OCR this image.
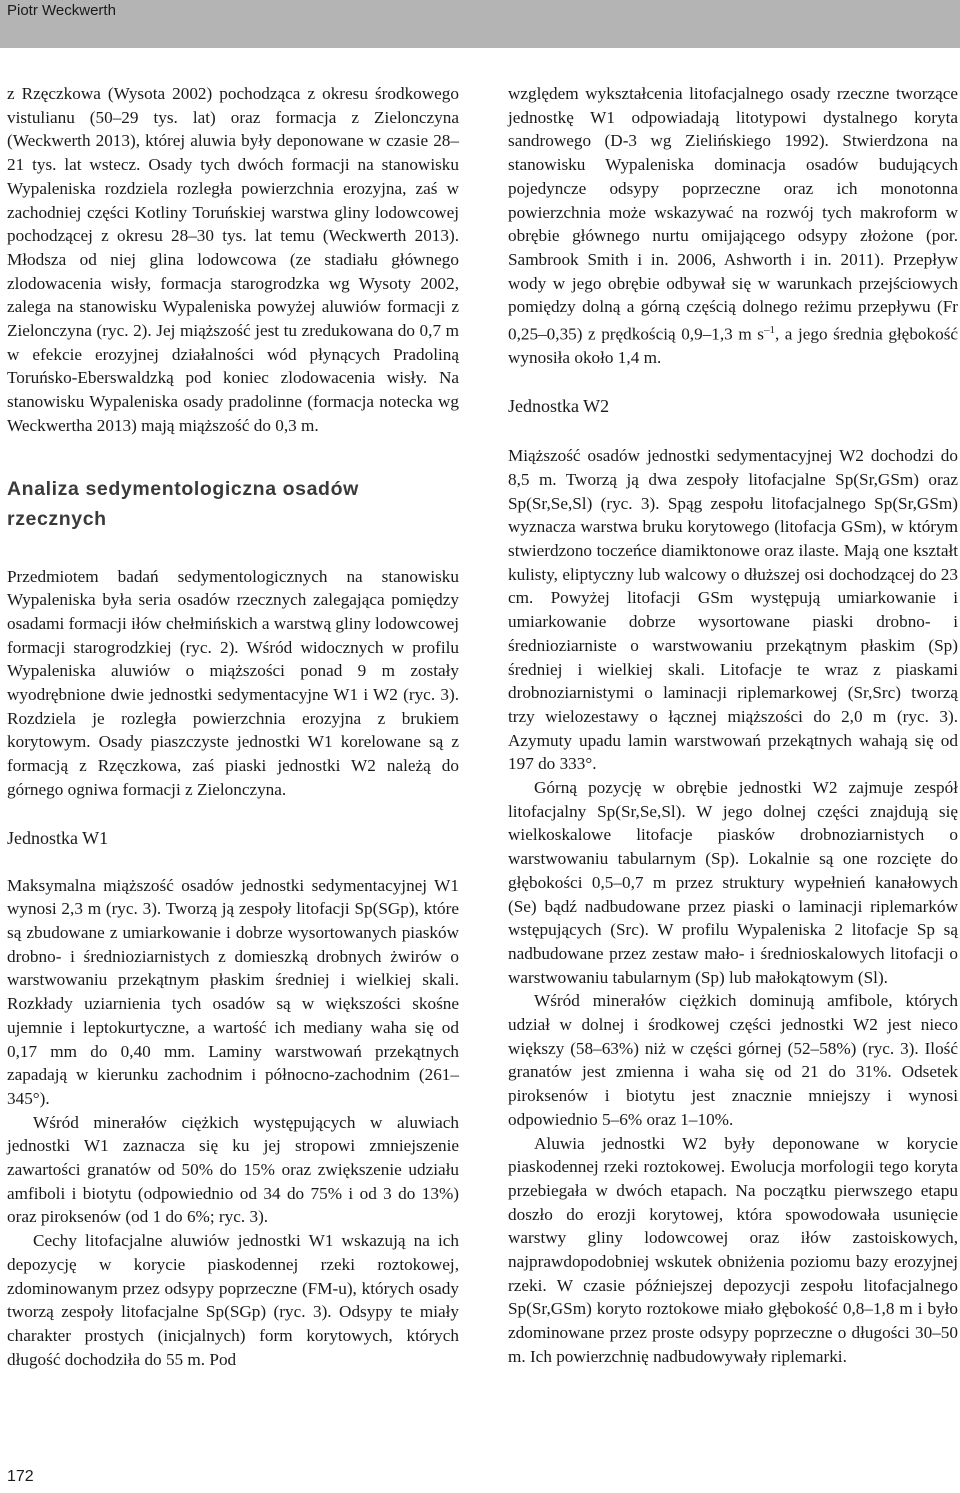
Piotr Weckwerth

z Rzęczkowa (Wysota 2002) pochodząca z okresu środkowego vistulianu (50–29 tys. lat) oraz formacja z Zielonczyna (Weckwerth 2013), której aluwia były deponowane w czasie 28–21 tys. lat wstecz. Osady tych dwóch formacji na stanowisku Wypaleniska rozdziela rozległa powierzchnia erozyjna, zaś w zachodniej części Kotliny Toruńskiej warstwa gliny lodowcowej pochodzącej z okresu 28–30 tys. lat temu (Weckwerth 2013). Młodsza od niej glina lodowcowa (ze stadiału głównego zlodowacenia wisły, formacja starogrodzka wg Wysoty 2002, zalega na stanowisku Wypaleniska powyżej aluwiów formacji z Zielonczyna (ryc. 2). Jej miąższość jest tu zredukowana do 0,7 m w efekcie erozyjnej działalności wód płynących Pradoliną Toruńsko-Eberswaldzką pod koniec zlodowacenia wisły. Na stanowisku Wypaleniska osady pradolinne (formacja notecka wg Weckwertha 2013) mają miąższość do 0,3 m.

Analiza sedymentologiczna osadów rzecznych

Przedmiotem badań sedymentologicznych na stanowisku Wypaleniska była seria osadów rzecznych zalegająca pomiędzy osadami formacji iłów chełmińskich a warstwą gliny lodowcowej formacji starogrodzkiej (ryc. 2). Wśród widocznych w profilu Wypaleniska aluwiów o miąższości ponad 9 m zostały wyodrębnione dwie jednostki sedymentacyjne W1 i W2 (ryc. 3). Rozdziela je rozległa powierzchnia erozyjna z brukiem korytowym. Osady piaszczyste jednostki W1 korelowane są z formacją z Rzęczkowa, zaś piaski jednostki W2 należą do górnego ogniwa formacji z Zielonczyna.

Jednostka W1

Maksymalna miąższość osadów jednostki sedymentacyjnej W1 wynosi 2,3 m (ryc. 3). Tworzą ją zespoły litofacji Sp(SGp), które są zbudowane z umiarkowanie i dobrze wysortowanych piasków drobno- i średnioziarnistych z domieszką drobnych żwirów o warstwowaniu przekątnym płaskim średniej i wielkiej skali. Rozkłady uziarnienia tych osadów są w większości skośne ujemnie i leptokurtyczne, a wartość ich mediany waha się od 0,17 mm do 0,40 mm. Laminy warstwowań przekątnych zapadają w kierunku zachodnim i północno-zachodnim (261–345°).

Wśród minerałów ciężkich występujących w aluwiach jednostki W1 zaznacza się ku jej stropowi zmniejszenie zawartości granatów od 50% do 15% oraz zwiększenie udziału amfiboli i biotytu (odpowiednio od 34 do 75% i od 3 do 13%) oraz piroksenów (od 1 do 6%; ryc. 3).

Cechy litofacjalne aluwiów jednostki W1 wskazują na ich depozycję w korycie piaskodennej rzeki roztokowej, zdominowanym przez odsypy poprzeczne (FM-u), których osady tworzą zespoły litofacjalne Sp(SGp) (ryc. 3). Odsypy te miały charakter prostych (inicjalnych) form korytowych, których długość dochodziła do 55 m. Pod

względem wykształcenia litofacjalnego osady rzeczne tworzące jednostkę W1 odpowiadają litotypowi dystalnego koryta sandrowego (D-3 wg Zielińskiego 1992). Stwierdzona na stanowisku Wypaleniska dominacja osadów budujących pojedyncze odsypy poprzeczne oraz ich monotonna powierzchnia może wskazywać na rozwój tych makroform w obrębie głównego nurtu omijającego odsypy złożone (por. Sambrook Smith i in. 2006, Ashworth i in. 2011). Przepływ wody w jego obrębie odbywał się w warunkach przejściowych pomiędzy dolną a górną częścią dolnego reżimu przepływu (Fr 0,25–0,35) z prędkością 0,9–1,3 m $s^{-1}$, a jego średnia głębokość wynosiła około 1,4 m.

Jednostka W2

Miąższość osadów jednostki sedymentacyjnej W2 dochodzi do 8,5 m. Tworzą ją dwa zespoły litofacjalne Sp(Sr,GSm) oraz Sp(Sr,Se,Sl) (ryc. 3). Spąg zespołu litofacjalnego Sp(Sr,GSm) wyznacza warstwa bruku korytowego (litofacja GSm), w którym stwierdzono toczeńce diamiktonowe oraz ilaste. Mają one kształt kulisty, eliptyczny lub walcowy o dłuższej osi dochodzącej do 23 cm. Powyżej litofacji GSm występują umiarkowanie i umiarkowanie dobrze wysortowane piaski drobno- i średnioziarniste o warstwowaniu przekątnym płaskim (Sp) średniej i wielkiej skali. Litofacje te wraz z piaskami drobnoziarnistymi o laminacji riplemarkowej (Sr,Src) tworzą trzy wielozestawy o łącznej miąższości do 2,0 m (ryc. 3). Azymuty upadu lamin warstwowań przekątnych wahają się od 197 do 333°.

Górną pozycję w obrębie jednostki W2 zajmuje zespół litofacjalny Sp(Sr,Se,Sl). W jego dolnej części znajdują się wielkoskalowe litofacje piasków drobnoziarnistych o warstwowaniu tabularnym (Sp). Lokalnie są one rozcięte do głębokości 0,5–0,7 m przez struktury wypełnień kanałowych (Se) bądź nadbudowane przez piaski o laminacji riplemarków wstępujących (Src). W profilu Wypaleniska 2 litofacje Sp są nadbudowane przez zestaw mało- i średnioskalowych litofacji o warstwowaniu tabularnym (Sp) lub małokątowym (Sl).

Wśród minerałów ciężkich dominują amfibole, których udział w dolnej i środkowej części jednostki W2 jest nieco większy (58–63%) niż w części górnej (52–58%) (ryc. 3). Ilość granatów jest zmienna i waha się od 21 do 31%. Odsetek piroksenów i biotytu jest znacznie mniejszy i wynosi odpowiednio 5–6% oraz 1–10%.

Aluwia jednostki W2 były deponowane w korycie piaskodennej rzeki roztokowej. Ewolucja morfologii tego koryta przebiegała w dwóch etapach. Na początku pierwszego etapu doszło do erozji korytowej, która spowodowała usunięcie warstwy gliny lodowcowej oraz iłów zastoiskowych, najprawdopodobniej wskutek obniżenia poziomu bazy erozyjnej rzeki. W czasie późniejszej depozycji zespołu litofacjalnego Sp(Sr,GSm) koryto roztokowe miało głębokość 0,8–1,8 m i było zdominowane przez proste odsypy poprzeczne o długości 30–50 m. Ich powierzchnię nadbudowywały riplemarki.

172
